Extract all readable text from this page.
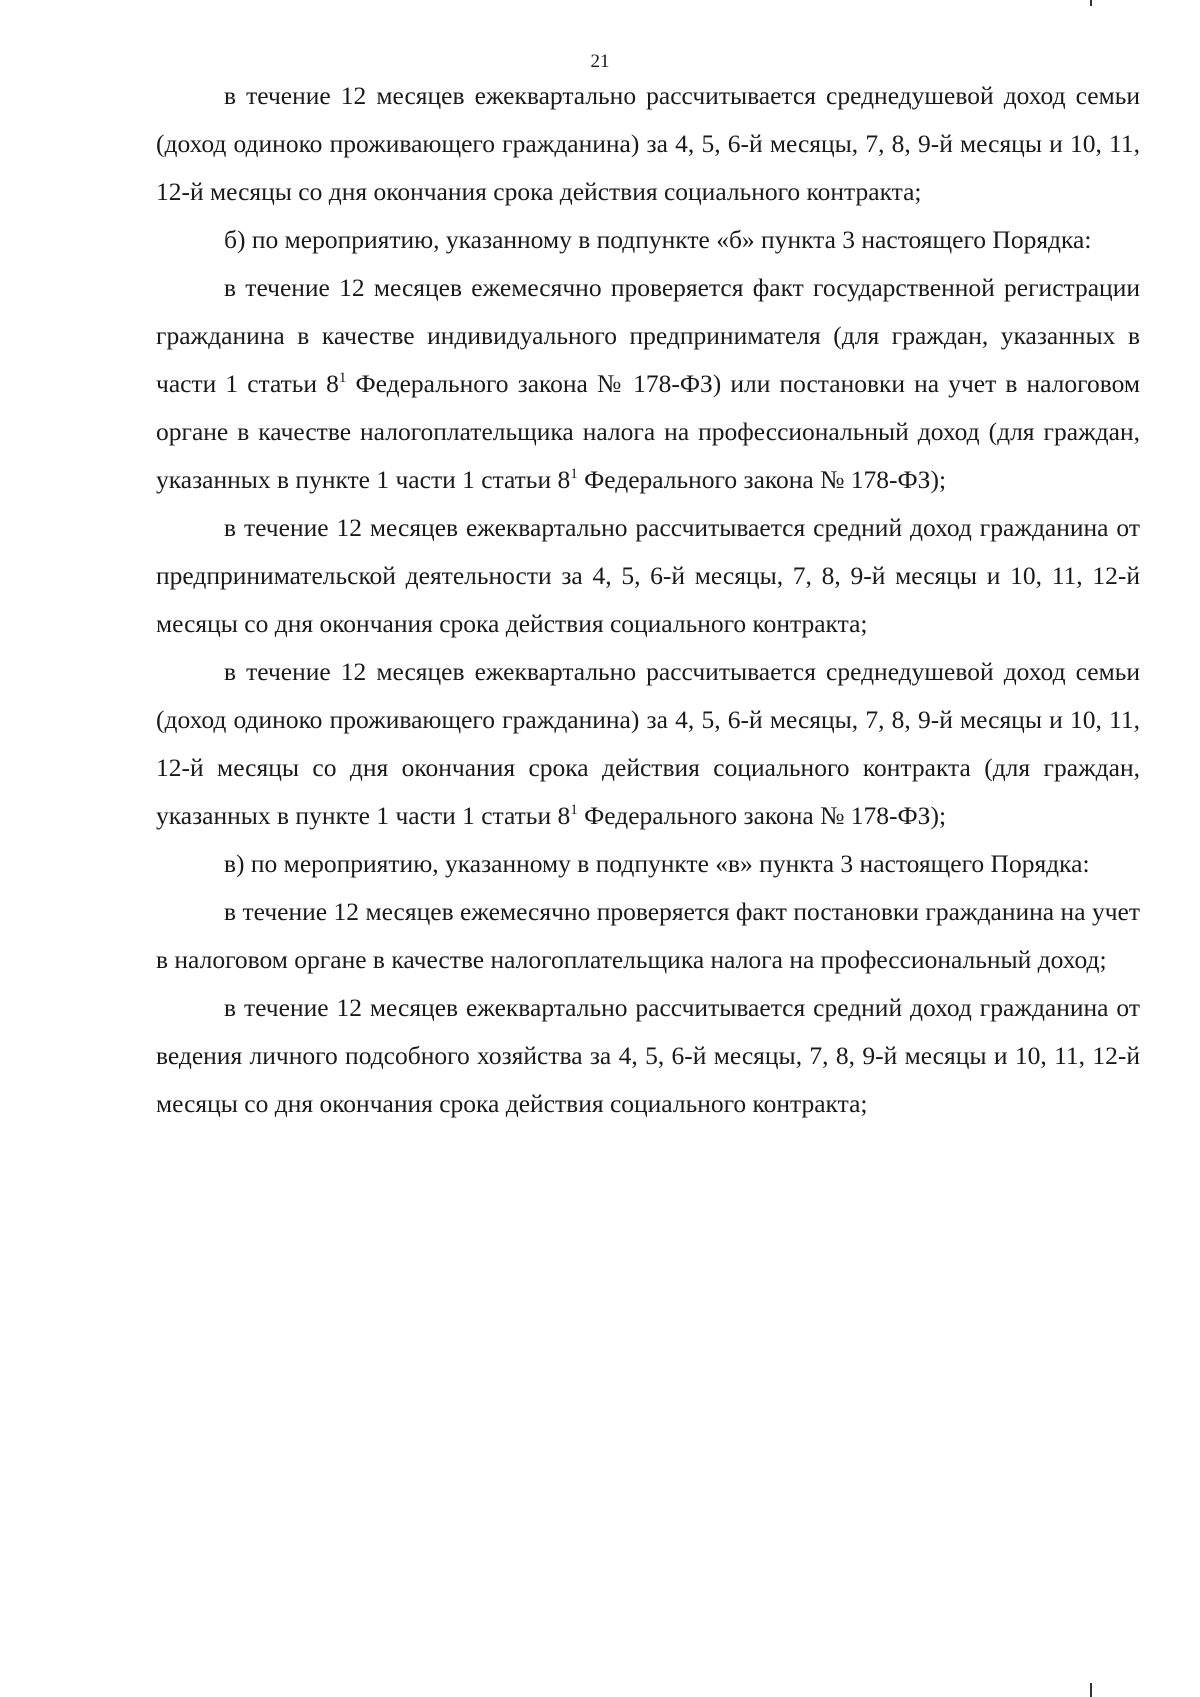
21

в течение 12 месяцев ежеквартально рассчитывается среднедушевой доход семьи (доход одиноко проживающего гражданина) за 4, 5, 6-й месяцы, 7, 8, 9-й месяцы и 10, 11, 12-й месяцы со дня окончания срока действия социального контракта;

б) по мероприятию, указанному в подпункте «б» пункта 3 настоящего Порядка:

в течение 12 месяцев ежемесячно проверяется факт государственной регистрации гражданина в качестве индивидуального предпринимателя (для граждан, указанных в части 1 статьи $8^1$ Федерального закона № 178-ФЗ) или постановки на учет в налоговом органе в качестве налогоплательщика налога на профессиональный доход (для граждан, указанных в пункте 1 части 1 статьи $8^1$ Федерального закона № 178-ФЗ);

в течение 12 месяцев ежеквартально рассчитывается средний доход гражданина от предпринимательской деятельности за 4, 5, 6-й месяцы, 7, 8, 9-й месяцы и 10, 11, 12-й месяцы со дня окончания срока действия социального контракта;

в течение 12 месяцев ежеквартально рассчитывается среднедушевой доход семьи (доход одиноко проживающего гражданина) за 4, 5, 6-й месяцы, 7, 8, 9-й месяцы и 10, 11, 12-й месяцы со дня окончания срока действия социального контракта (для граждан, указанных в пункте 1 части 1 статьи $8^1$ Федерального закона № 178-ФЗ);

в) по мероприятию, указанному в подпункте «в» пункта 3 настоящего Порядка:

в течение 12 месяцев ежемесячно проверяется факт постановки гражданина на учет в налоговом органе в качестве налогоплательщика налога на профессиональный доход;

в течение 12 месяцев ежеквартально рассчитывается средний доход гражданина от ведения личного подсобного хозяйства за 4, 5, 6-й месяцы, 7, 8, 9-й месяцы и 10, 11, 12-й месяцы со дня окончания срока действия социального контракта;
